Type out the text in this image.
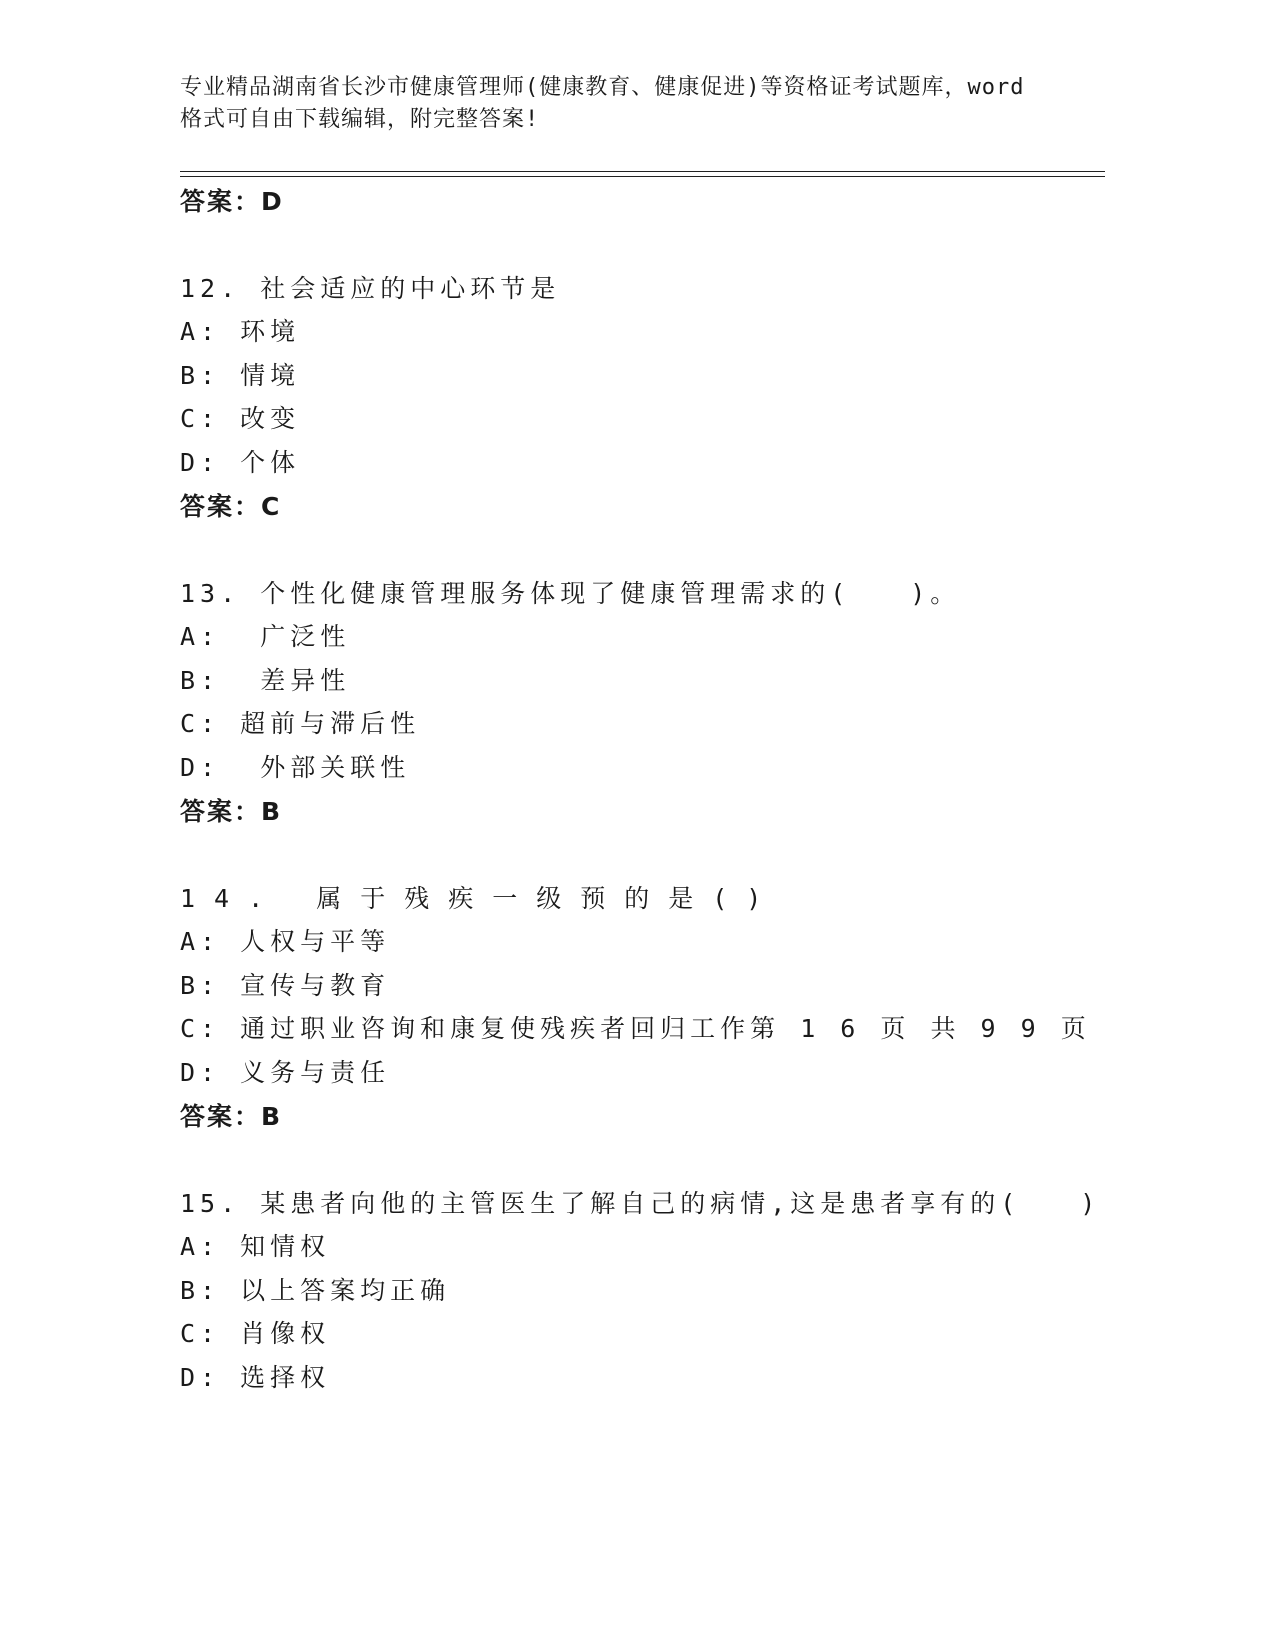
专业精品湖南省长沙市健康管理师(健康教育、健康促进)等资格证考试题库，word
格式可自由下载编辑，附完整答案!
答案：D
12. 社会适应的中心环节是
A: 环境
B: 情境
C: 改变
D: 个体
答案：C
13. 个性化健康管理服务体现了健康管理需求的(　　)。
A:  广泛性
B:  差异性
C: 超前与滞后性
D:  外部关联性
答案：B
14. 属于残疾一级预的是()
A: 人权与平等
B: 宣传与教育
C: 通过职业咨询和康复使残疾者回归工作第 1 6 页 共 9 9 页
D: 义务与责任
答案：B
15. 某患者向他的主管医生了解自己的病情,这是患者享有的(　　)
A: 知情权
B: 以上答案均正确
C: 肖像权
D: 选择权
